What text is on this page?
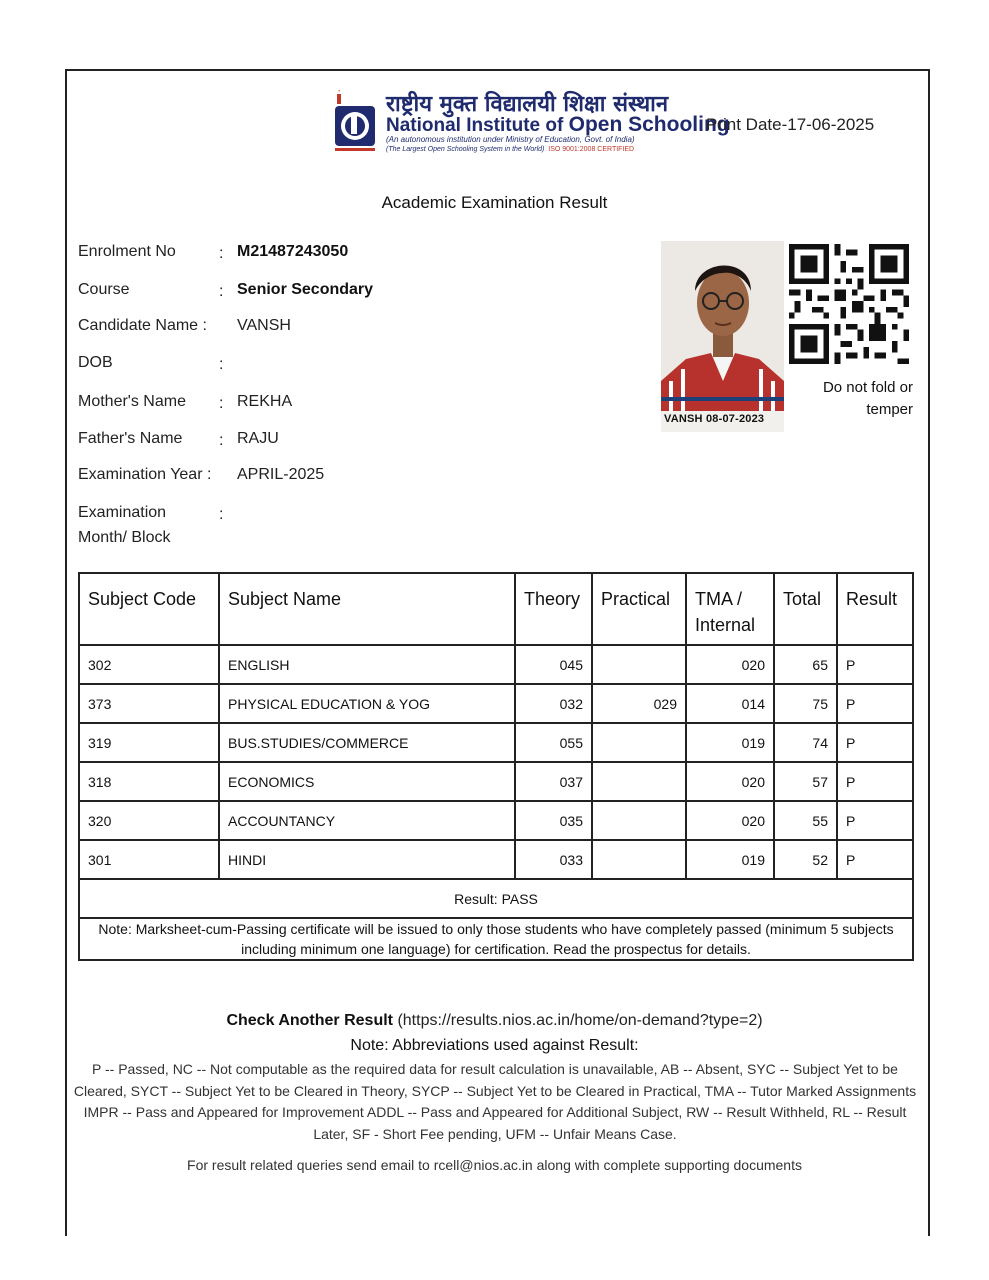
राष्ट्रीय मुक्त विद्यालयी शिक्षा संस्थान
National Institute of Open Schooling
(An autonomous institution under Ministry of Education, Govt. of India)
(The Largest Open Schooling System in the World) ISO 9001:2008 CERTIFIED
Print Date-17-06-2025
Academic Examination Result
Enrolment No	: M21487243050
Course	: Senior Secondary
Candidate Name : VANSH
DOB	:
Mother's Name : REKHA
Father's Name : RAJU
Examination Year : APRIL-2025
Examination
Month/ Block
:
VANSH 08-07-2023
Do not fold or temper
Subject Code	Subject Name	Theory	Practical	TMA / Internal	Total	Result
302	ENGLISH	045		020	65	P
373	PHYSICAL EDUCATION & YOG	032	029	014	75	P
319	BUS.STUDIES/COMMERCE	055		019	74	P
318	ECONOMICS	037		020	57	P
320	ACCOUNTANCY	035		020	55	P
301	HINDI	033		019	52	P
Result: PASS						
Note: Marksheet-cum-Passing certificate will be issued to only those students who have completely passed (minimum 5 subjects including minimum one language) for certification. Read the prospectus for details.						
Check Another Result (https://results.nios.ac.in/home/on-demand?type=2)
Note: Abbreviations used against Result:
P -- Passed, NC -- Not computable as the required data for result calculation is unavailable, AB -- Absent, SYC -- Subject Yet to be Cleared, SYCT -- Subject Yet to be Cleared in Theory, SYCP -- Subject Yet to be Cleared in Practical, TMA -- Tutor Marked Assignments IMPR -- Pass and Appeared for Improvement ADDL -- Pass and Appeared for Additional Subject, RW -- Result Withheld, RL -- Result Later, SF - Short Fee pending, UFM -- Unfair Means Case.
For result related queries send email to rcell@nios.ac.in along with complete supporting documents
